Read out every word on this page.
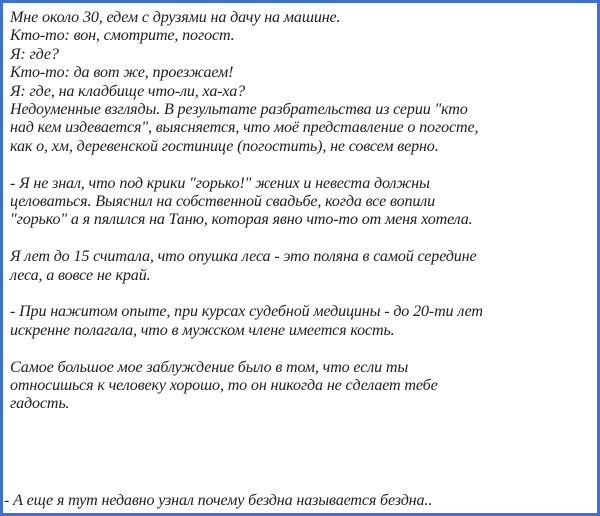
Мне около 30, едем с друзями на дачу на машине.
Кто-то: вон, смотрите, погост.
Я: где?
Кто-то: да вот же, проезжаем!
Я: где, на кладбище что-ли, ха-ха?
Недоуменные взгляды. В результате разбрательства из серии "кто
над кем издевается", выясняется, что моё представление о погосте,
как о, хм, деревенской гостинице (погостить), не совсем верно.

- Я не знал, что под крики "горько!" жених и невеста должны
целоваться. Выяснил на собственной свадьбе, когда все вопили
"горько" а я пялился на Таню, которая явно что-то от меня хотела.

Я лет до 15 считала, что опушка леса - это поляна в самой середине
леса, а вовсе не край.

- При нажитом опыте, при курсах судебной медицины - до 20-ти лет
искренне полагала, что в мужском члене имеется кость.

Самое большое мое заблуждение было в том, что если ты
относишься к человеку хорошо, то он никогда не сделает тебе
гадость.

- А еще я тут недавно узнал почему бездна называется бездна..
